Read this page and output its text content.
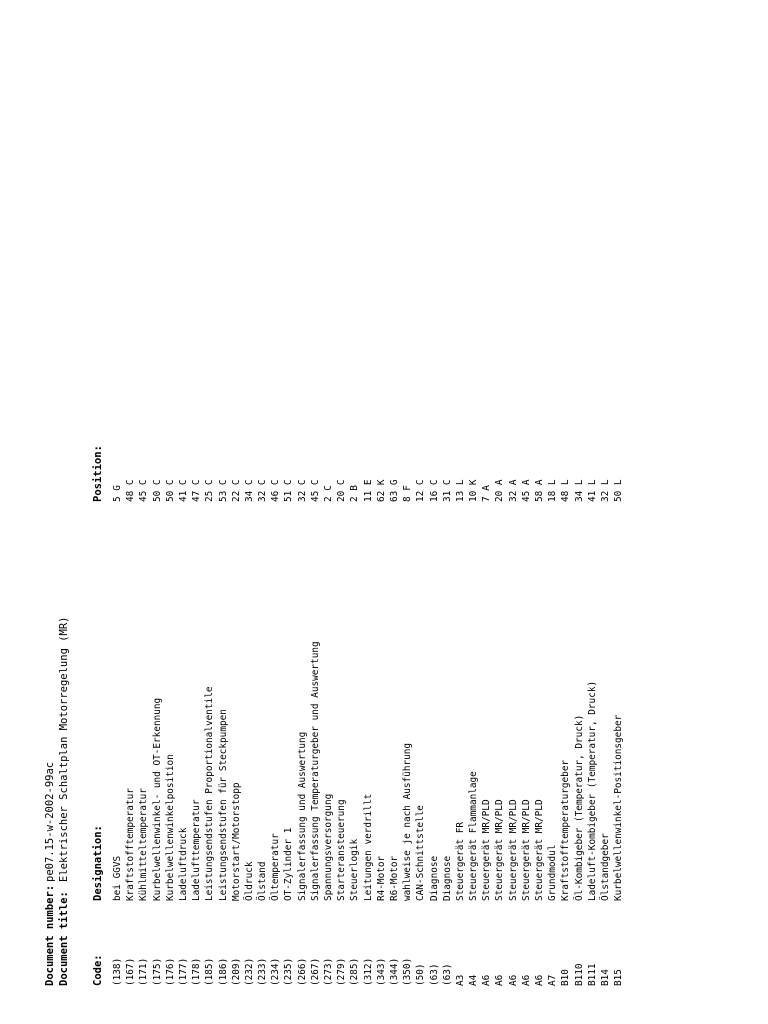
Document number:pe07.15-w-2002-99ac
Document title:Elektrischer Schaltplan Motorregelung (MR)
Code:
Designation:
Position:
(138)
bei GGVS
5 G
(167)
Kraftstofftemperatur
48 C
(171)
Kühlmitteltemperatur
45 C
(175)
Kurbelwellenwinkel- und OT-Erkennung
50 C
(176)
Kurbelwellenwinkelposition
50 C
(177)
Ladeluftdruck
41 C
(178)
Ladelufttemperatur
47 C
(185)
Leistungsendstufen Proportionalventile
25 C
(186)
Leistungsendstufen für Steckpumpen
53 C
(209)
Motorstart/Motorstopp
22 C
(232)
Öldruck
34 C
(233)
Ölstand
32 C
(234)
Öltemperatur
46 C
(235)
OT-Zylinder 1
51 C
(266)
Signalerfassung und Auswertung
32 C
(267)
Signalerfassung Temperaturgeber und Auswertung
45 C
(273)
Spannungsversorgung
2 C
(279)
Starteransteuerung
20 C
(285)
Steuerlogik
2 B
(312)
Leitungen verdrillt
11 E
(343)
R4-Motor
62 K
(344)
R6-Motor
63 G
(350)
wahlweise je nach Ausführung
8 F
(50)
CAN-Schnittstelle
12 C
(63)
Diagnose
16 C
(63)
Diagnose
31 C
A3
Steuergerät FR
13 L
A4
Steuergerät Flammanlage
10 K
A6
Steuergerät MR/PLD
7 A
A6
Steuergerät MR/PLD
20 A
A6
Steuergerät MR/PLD
32 A
A6
Steuergerät MR/PLD
45 A
A6
Steuergerät MR/PLD
58 A
A7
Grundmodul
18 L
B10
Kraftstofftemperaturgeber
48 L
B110
Öl-Kombigeber (Temperatur, Druck)
34 L
B111
Ladeluft-Kombigeber (Temperatur, Druck)
41 L
B14
Ölstandgeber
32 L
B15
Kurbelwellenwinkel-Positionsgeber
50 L
